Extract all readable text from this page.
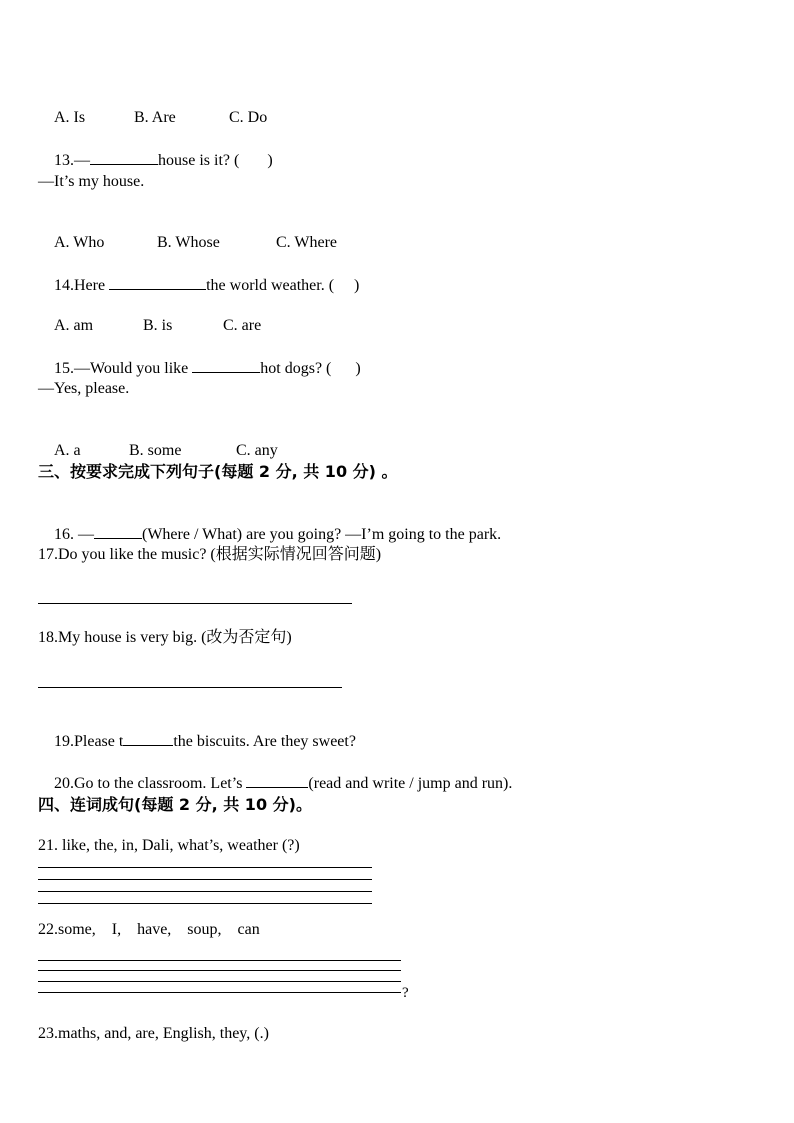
A. Is	B. Are	C. Do

13.—	house is it? ( )

—It’s my house.

A. Who	B. Whose	C. Where

14.Here	the world weather. ( )

A. am	B. is	C. are

15.—Would you like	hot dogs? ( )

—Yes, please.

A. a	B. some	C. any

三、按要求完成下列句子(每题 2 分, 共 10 分) 。

16. —	(Where / What) are you going? —I’m going to the park.

17.Do you like the music? (根据实际情况回答问题)
18.My house is very big. (改为否定句)

19.Please t	the biscuits. Are they sweet?

20.Go to the classroom. Let’s	(read and write / jump and run).

四、连词成句(每题 2 分, 共 10 分)。
21. like, the, in, Dali, what’s, weather (?)
22.some,    I,    have,    soup,    can
?
23.maths, and, are, English, they, (.)
